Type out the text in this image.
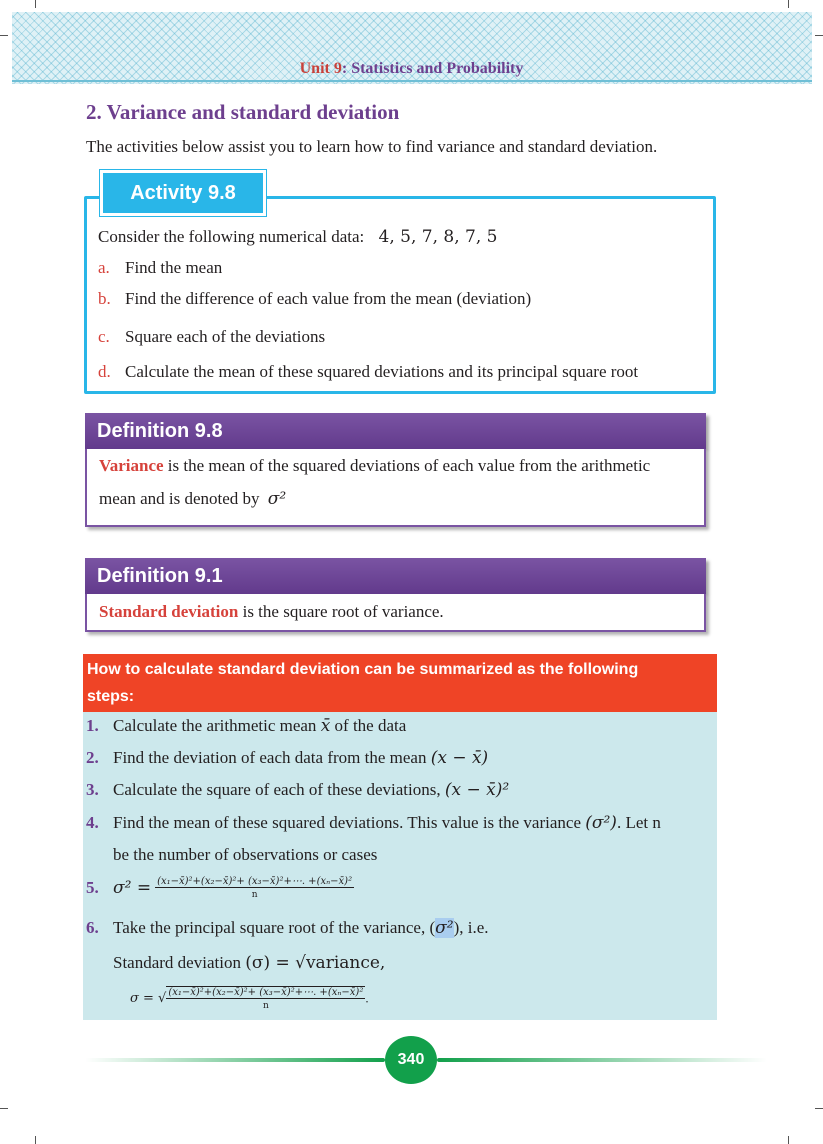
Unit 9: Statistics and Probability
2. Variance and standard deviation
The activities below assist you to learn how to find variance and standard deviation.
Activity 9.8
Consider the following numerical data: 4, 5, 7, 8, 7, 5
a. Find the mean
b. Find the difference of each value from the mean (deviation)
c. Square each of the deviations
d. Calculate the mean of these squared deviations and its principal square root
Definition 9.8
Variance is the mean of the squared deviations of each value from the arithmetic
mean and is denoted by σ²
Definition 9.1
Standard deviation is the square root of variance.
How to calculate standard deviation can be summarized as the following
steps:
1. Calculate the arithmetic mean x̄ of the data
2. Find the deviation of each data from the mean (x − x̄)
3. Calculate the square of each of these deviations, (x − x̄)²
4. Find the mean of these squared deviations. This value is the variance (σ²). Let n
be the number of observations or cases
5. $\sigma^2 = \frac{\text{(x₁−x̄)²+(x₂−x̄)²+ (x₃−x̄)²+⋯. +(xₙ−x̄)²}}{n}$
6. Take the principal square root of the variance, (σ²), i.e.
Standard deviation (σ) = √variance,
σ = √ $\frac{\text{(x₁−x̄)²+(x₂−x̄)²+ (x₃−x̄)²+⋯. +(xₙ−x̄)²}}{n}$ .
340
